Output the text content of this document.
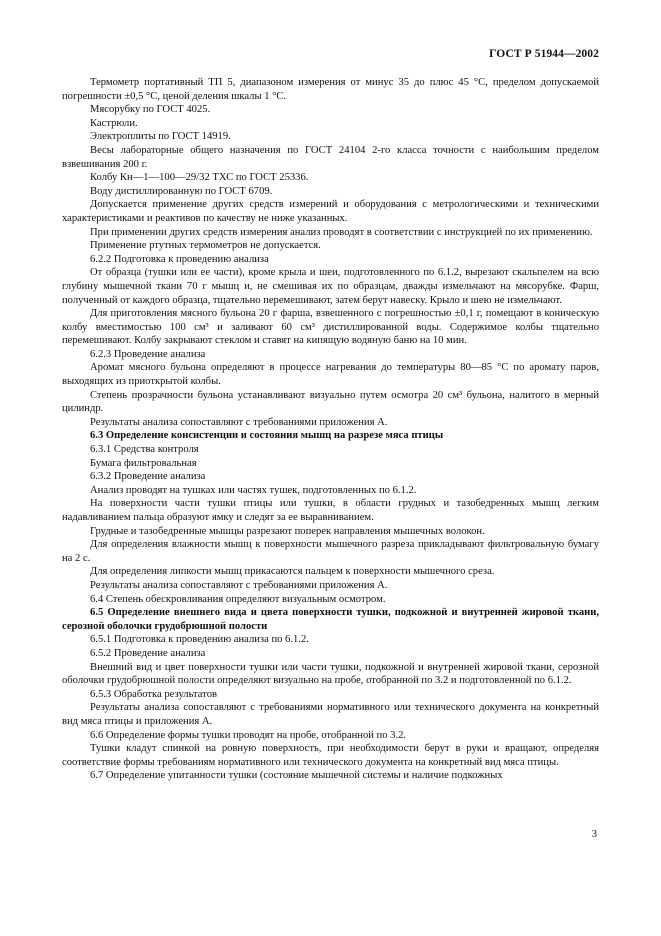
ГОСТ Р 51944—2002

Термометр портативный ТП 5, диапазоном измерения от минус 35 до плюс 45 °С, пределом допускаемой погрешности ±0,5 °С, ценой деления шкалы 1 °С.

Мясорубку по ГОСТ 4025.

Кастрюли.

Электроплиты по ГОСТ 14919.

Весы лабораторные общего назначения по ГОСТ 24104 2-го класса точности с наибольшим пределом взвешивания 200 г.

Колбу Кн—1—100—29/32 ТХС по ГОСТ 25336.

Воду дистиллированную по ГОСТ 6709.

Допускается применение других средств измерений и оборудования с метрологическими и техническими характеристиками и реактивов по качеству не ниже указанных.

При применении других средств измерения анализ проводят в соответствии с инструкцией по их применению.

Применение ртутных термометров не допускается.

6.2.2 Подготовка к проведению анализа

От образца (тушки или ее части), кроме крыла и шеи, подготовленного по 6.1.2, вырезают скальпелем на всю глубину мышечной ткани 70 г мышц и, не смешивая их по образцам, дважды измельчают на мясорубке. Фарш, полученный от каждого образца, тщательно перемешивают, затем берут навеску. Крыло и шею не измельчают.

Для приготовления мясного бульона 20 г фарша, взвешенного с погрешностью ±0,1 г, помещают в коническую колбу вместимостью 100 см³ и заливают 60 см³ дистиллированной воды. Содержимое колбы тщательно перемешивают. Колбу закрывают стеклом и ставят на кипящую водяную баню на 10 мин.

6.2.3 Проведение анализа

Аромат мясного бульона определяют в процессе нагревания до температуры 80—85 °С по аромату паров, выходящих из приоткрытой колбы.

Степень прозрачности бульона устанавливают визуально путем осмотра 20 см³ бульона, налитого в мерный цилиндр.

Результаты анализа сопоставляют с требованиями приложения А.

6.3 Определение консистенции и состояния мышц на разрезе мяса птицы

6.3.1 Средства контроля

Бумага фильтровальная

6.3.2 Проведение анализа

Анализ проводят на тушках или частях тушек, подготовленных по 6.1.2.

На поверхности части тушки птицы или тушки, в области грудных и тазобедренных мышц легким надавливанием пальца образуют ямку и следят за ее выравниванием.

Грудные и тазобедренные мышцы разрезают поперек направления мышечных волокон.

Для определения влажности мышц к поверхности мышечного разреза прикладывают фильтровальную бумагу на 2 с.

Для определения липкости мышц прикасаются пальцем к поверхности мышечного среза.

Результаты анализа сопоставляют с требованиями приложения А.

6.4 Степень обескровливания определяют визуальным осмотром.

6.5 Определение внешнего вида и цвета поверхности тушки, подкожной и внутренней жировой ткани, серозной оболочки грудобрюшной полости

6.5.1 Подготовка к проведению анализа по 6.1.2.

6.5.2 Проведение анализа

Внешний вид и цвет поверхности тушки или части тушки, подкожной и внутренней жировой ткани, серозной оболочки грудобрюшной полости определяют визуально на пробе, отобранной по 3.2 и подготовленной по 6.1.2.

6.5.3 Обработка результатов

Результаты анализа сопоставляют с требованиями нормативного или технического документа на конкретный вид мяса птицы и приложения А.

6.6 Определение формы тушки проводят на пробе, отобранной по 3.2.

Тушки кладут спинкой на ровную поверхность, при необходимости берут в руки и вращают, определяя соответствие формы требованиям нормативного или технического документа на конкретный вид мяса птицы.

6.7 Определение упитанности тушки (состояние мышечной системы и наличие подкожных

3
